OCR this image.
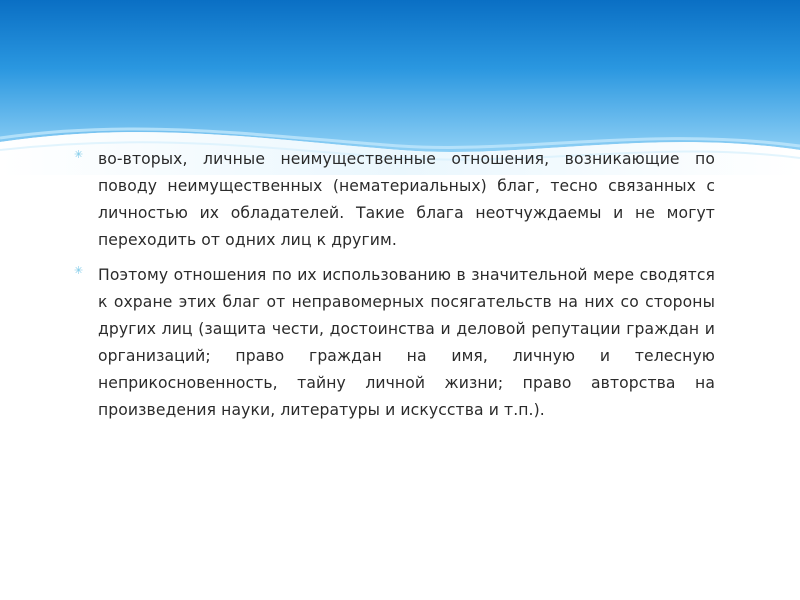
✳ во-вторых, личные неимущественные отношения, возникающие по поводу неимущественных (нематериальных) благ, тесно связанных с личностью их обладателей. Такие блага неотчуждаемы и не могут переходить от одних лиц к другим.
✳ Поэтому отношения по их использованию в значительной мере сводятся к охране этих благ от неправомерных посягательств на них со стороны других лиц (защита чести, достоинства и деловой репутации граждан и организаций; право граждан на имя, личную и телесную неприкосновенность, тайну личной жизни; право авторства на произведения науки, литературы и искусства и т.п.).
